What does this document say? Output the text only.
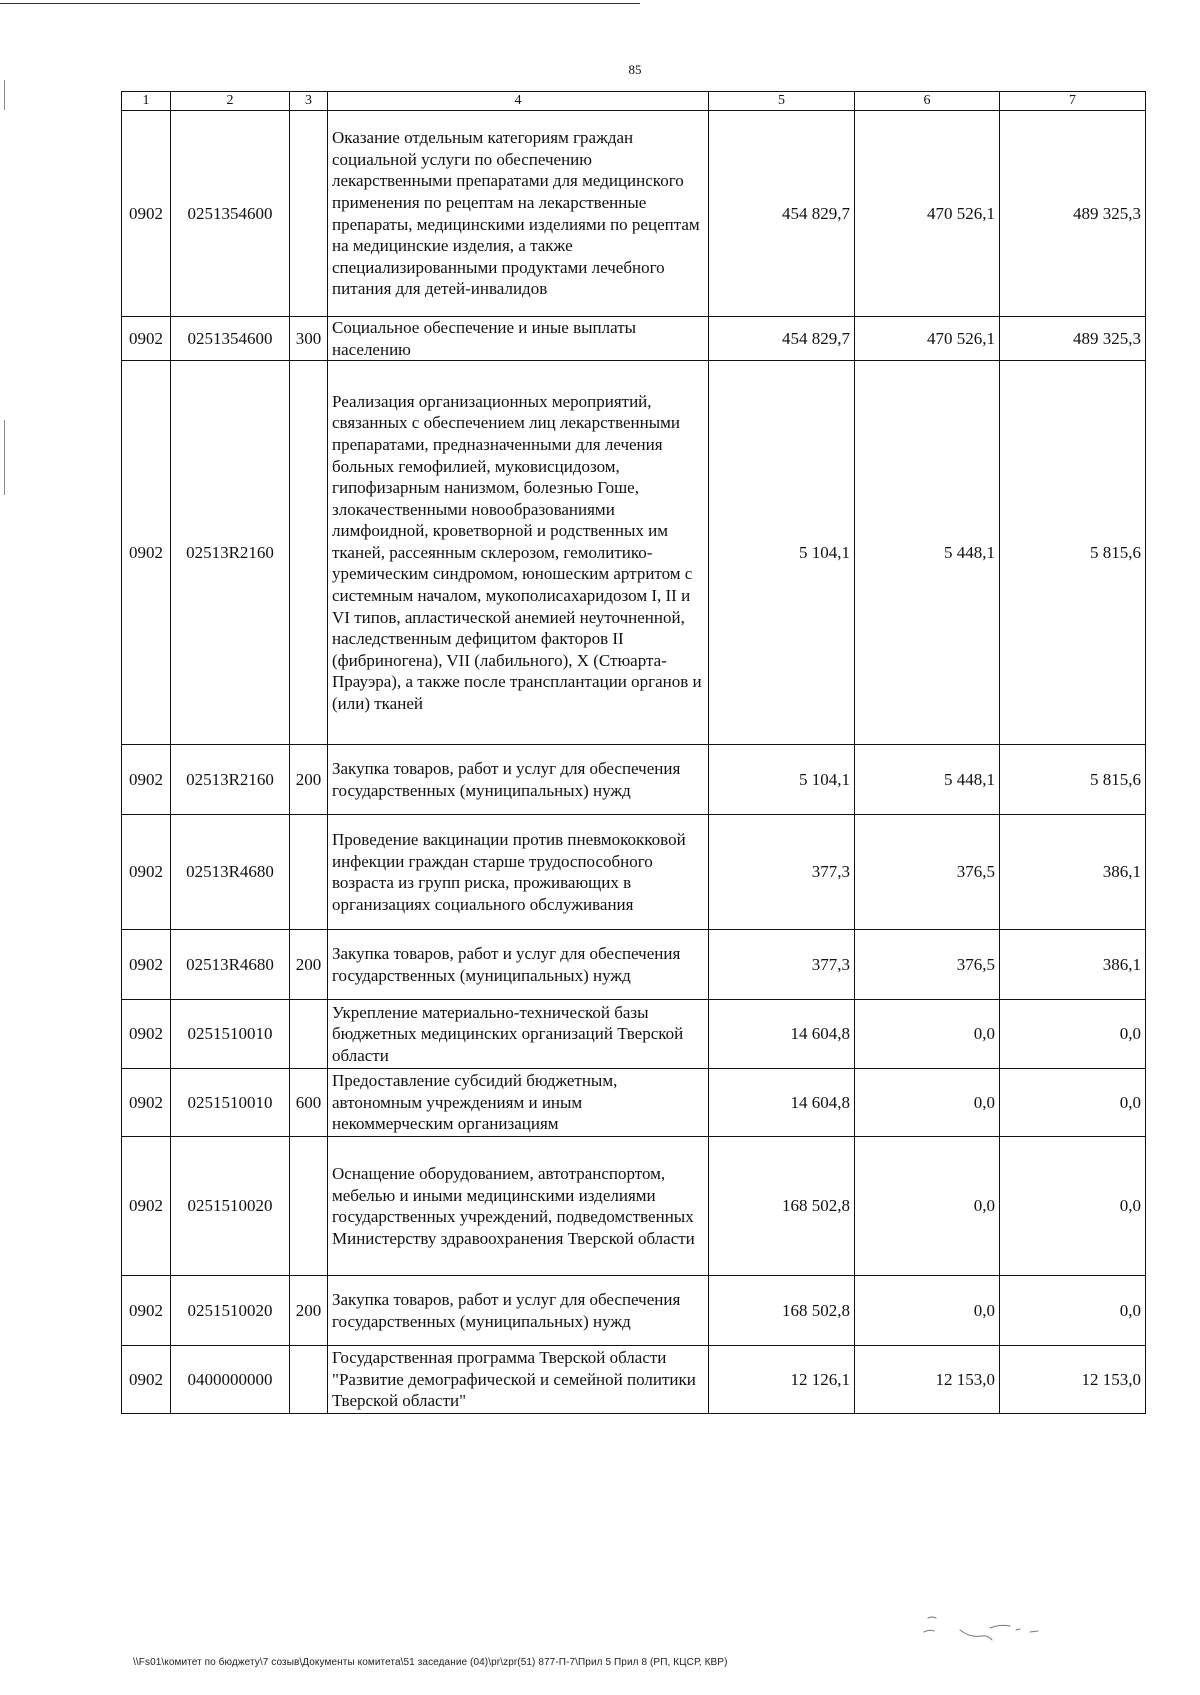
85
1	2	3	4	5	6	7
0902	0251354600		Оказание отдельным категориям граждан социальной услуги по обеспечению лекарственными препаратами для медицинского применения по рецептам на лекарственные препараты, медицинскими изделиями по рецептам на медицинские изделия, а также специализированными продуктами лечебного питания для детей-инвалидов	454 829,7	470 526,1	489 325,3
0902	0251354600	300	Социальное обеспечение и иные выплаты населению	454 829,7	470 526,1	489 325,3
0902	02513R2160		Реализация организационных мероприятий, связанных с обеспечением лиц лекарственными препаратами, предназначенными для лечения больных гемофилией, муковисцидозом, гипофизарным нанизмом, болезнью Гоше, злокачественными новообразованиями лимфоидной, кроветворной и родственных им тканей, рассеянным склерозом, гемолитико-уремическим синдромом, юношеским артритом с системным началом, мукополисахаридозом I, II и VI типов, апластической анемией неуточненной, наследственным дефицитом факторов II (фибриногена), VII (лабильного), X (Стюарта-Прауэра), а также после трансплантации органов и (или) тканей	5 104,1	5 448,1	5 815,6
0902	02513R2160	200	Закупка товаров, работ и услуг для обеспечения государственных (муниципальных) нужд	5 104,1	5 448,1	5 815,6
0902	02513R4680		Проведение вакцинации против пневмококковой инфекции граждан старше трудоспособного возраста из групп риска, проживающих в организациях социального обслуживания	377,3	376,5	386,1
0902	02513R4680	200	Закупка товаров, работ и услуг для обеспечения государственных (муниципальных) нужд	377,3	376,5	386,1
0902	0251510010		Укрепление материально-технической базы бюджетных медицинских организаций Тверской области	14 604,8	0,0	0,0
0902	0251510010	600	Предоставление субсидий бюджетным, автономным учреждениям и иным некоммерческим организациям	14 604,8	0,0	0,0
0902	0251510020		Оснащение оборудованием, автотранспортом, мебелью и иными медицинскими изделиями государственных учреждений, подведомственных Министерству здравоохранения Тверской области	168 502,8	0,0	0,0
0902	0251510020	200	Закупка товаров, работ и услуг для обеспечения государственных (муниципальных) нужд	168 502,8	0,0	0,0
0902	0400000000		Государственная программа Тверской области "Развитие демографической и семейной политики Тверской области"	12 126,1	12 153,0	12 153,0
\\Fs01\комитет по бюджету\7 созыв\Документы комитета\51 заседание (04)\pr\zpr(51) 877-П-7\Прил 5 Прил 8 (РП, КЦСР, КВР)
